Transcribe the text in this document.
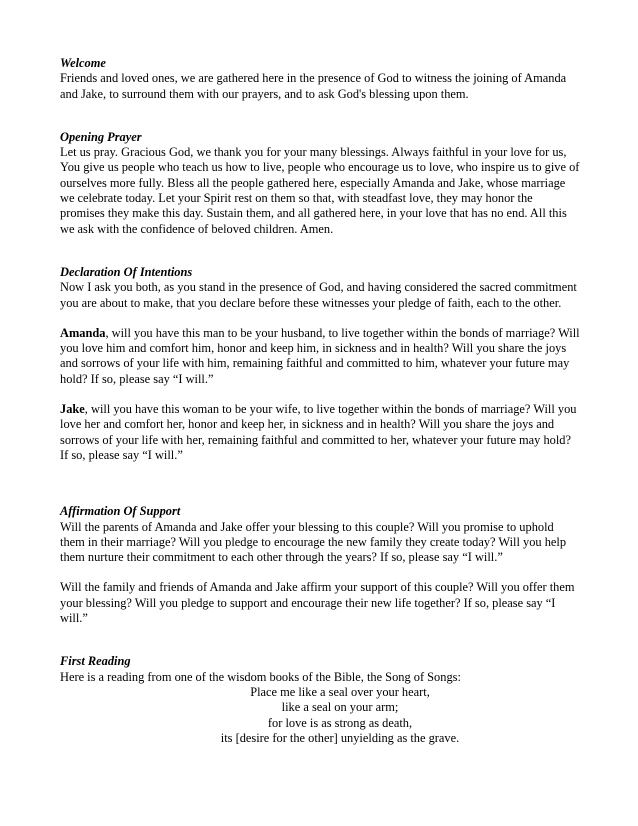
Welcome

Friends and loved ones, we are gathered here in the presence of God to witness the joining of Amanda and Jake, to surround them with our prayers, and to ask God's blessing upon them.

Opening Prayer

Let us pray. Gracious God, we thank you for your many blessings. Always faithful in your love for us, You give us people who teach us how to live, people who encourage us to love, who inspire us to give of ourselves more fully. Bless all the people gathered here, especially Amanda and Jake, whose marriage we celebrate today. Let your Spirit rest on them so that, with steadfast love, they may honor the promises they make this day. Sustain them, and all gathered here, in your love that has no end. All this we ask with the confidence of beloved children. Amen.

Declaration Of Intentions

Now I ask you both, as you stand in the presence of God, and having considered the sacred commitment you are about to make, that you declare before these witnesses your pledge of faith, each to the other.

Amanda, will you have this man to be your husband, to live together within the bonds of marriage? Will you love him and comfort him, honor and keep him, in sickness and in health? Will you share the joys and sorrows of your life with him, remaining faithful and committed to him, whatever your future may hold? If so, please say “I will.”

Jake, will you have this woman to be your wife, to live together within the bonds of marriage? Will you love her and comfort her, honor and keep her, in sickness and in health? Will you share the joys and sorrows of your life with her, remaining faithful and committed to her, whatever your future may hold? If so, please say “I will.”

Affirmation Of Support

Will the parents of Amanda and Jake offer your blessing to this couple? Will you promise to uphold them in their marriage? Will you pledge to encourage the new family they create today? Will you help them nurture their commitment to each other through the years? If so, please say “I will.”

Will the family and friends of Amanda and Jake affirm your support of this couple? Will you offer them your blessing? Will you pledge to support and encourage their new life together? If so, please say “I will.”

First Reading

Here is a reading from one of the wisdom books of the Bible, the Song of Songs:

Place me like a seal over your heart,
like a seal on your arm;
for love is as strong as death,
its [desire for the other] unyielding as the grave.
